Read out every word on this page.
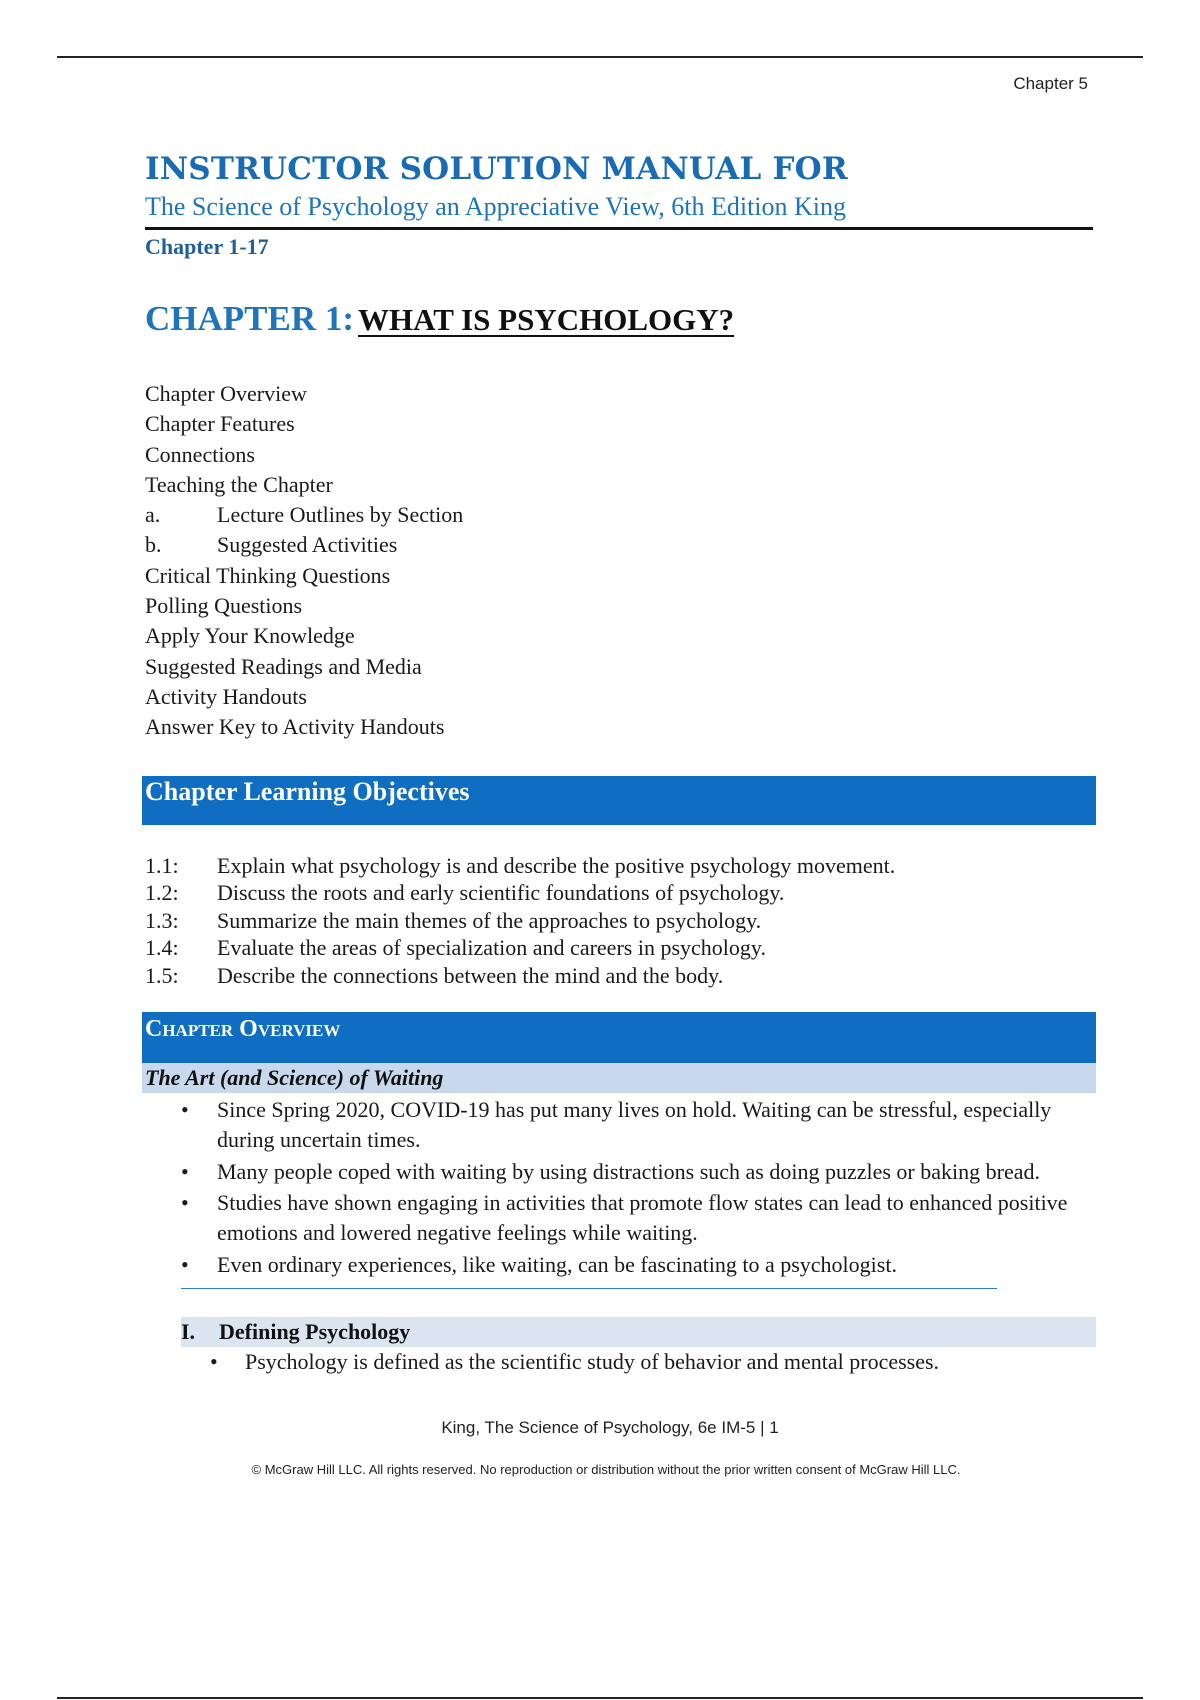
Chapter 5
INSTRUCTOR SOLUTION MANUAL FOR
The Science of Psychology an Appreciative View, 6th Edition King
Chapter 1-17
CHAPTER 1: WHAT IS PSYCHOLOGY?
Chapter Overview
Chapter Features
Connections
Teaching the Chapter
a.	Lecture Outlines by Section
b.	Suggested Activities
Critical Thinking Questions
Polling Questions
Apply Your Knowledge
Suggested Readings and Media
Activity Handouts
Answer Key to Activity Handouts
Chapter Learning Objectives
1.1: Explain what psychology is and describe the positive psychology movement.
1.2: Discuss the roots and early scientific foundations of psychology.
1.3: Summarize the main themes of the approaches to psychology.
1.4: Evaluate the areas of specialization and careers in psychology.
1.5: Describe the connections between the mind and the body.
Chapter Overview
The Art (and Science) of Waiting
• Since Spring 2020, COVID-19 has put many lives on hold. Waiting can be stressful, especially during uncertain times.
• Many people coped with waiting by using distractions such as doing puzzles or baking bread.
• Studies have shown engaging in activities that promote flow states can lead to enhanced positive emotions and lowered negative feelings while waiting.
• Even ordinary experiences, like waiting, can be fascinating to a psychologist.
I. Defining Psychology
• Psychology is defined as the scientific study of behavior and mental processes.
King, The Science of Psychology, 6e IM-5 | 1
© McGraw Hill LLC. All rights reserved. No reproduction or distribution without the prior written consent of McGraw Hill LLC.
